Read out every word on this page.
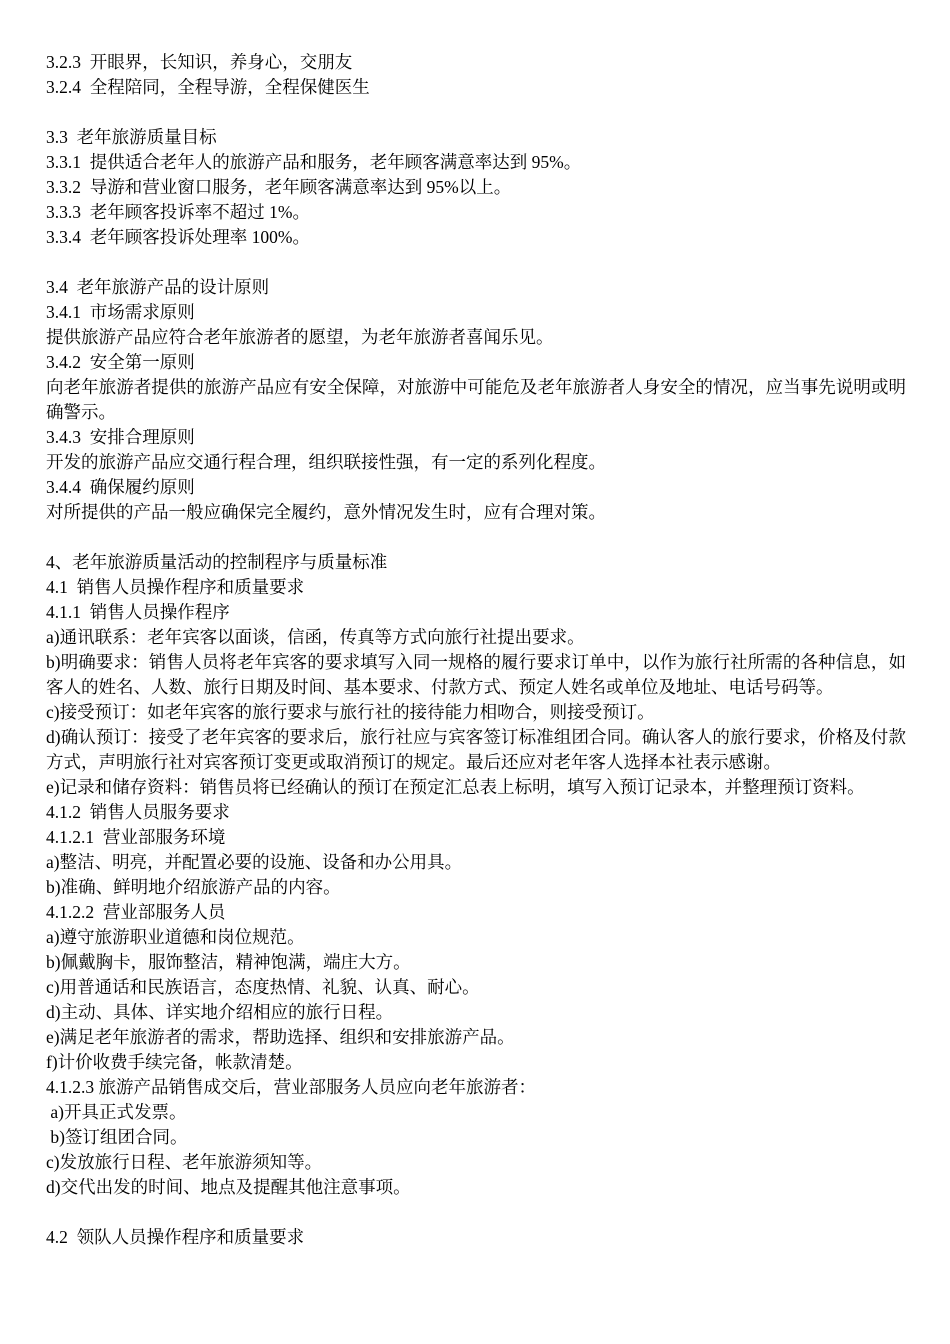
3.2.3  开眼界，长知识，养身心，交朋友
3.2.4  全程陪同，全程导游，全程保健医生
3.3  老年旅游质量目标
3.3.1  提供适合老年人的旅游产品和服务，老年顾客满意率达到 95%。
3.3.2  导游和营业窗口服务，老年顾客满意率达到 95%以上。
3.3.3  老年顾客投诉率不超过 1%。
3.3.4  老年顾客投诉处理率 100%。
3.4  老年旅游产品的设计原则
3.4.1  市场需求原则
提供旅游产品应符合老年旅游者的愿望，为老年旅游者喜闻乐见。
3.4.2  安全第一原则
向老年旅游者提供的旅游产品应有安全保障，对旅游中可能危及老年旅游者人身安全的情况，应当事先说明或明确警示。
3.4.3  安排合理原则
开发的旅游产品应交通行程合理，组织联接性强，有一定的系列化程度。
3.4.4  确保履约原则
对所提供的产品一般应确保完全履约，意外情况发生时，应有合理对策。
4、老年旅游质量活动的控制程序与质量标准
4.1  销售人员操作程序和质量要求
4.1.1  销售人员操作程序
a)通讯联系：老年宾客以面谈，信函，传真等方式向旅行社提出要求。
b)明确要求：销售人员将老年宾客的要求填写入同一规格的履行要求订单中，以作为旅行社所需的各种信息，如客人的姓名、人数、旅行日期及时间、基本要求、付款方式、预定人姓名或单位及地址、电话号码等。
c)接受预订：如老年宾客的旅行要求与旅行社的接待能力相吻合，则接受预订。
d)确认预订：接受了老年宾客的要求后，旅行社应与宾客签订标准组团合同。确认客人的旅行要求，价格及付款方式，声明旅行社对宾客预订变更或取消预订的规定。最后还应对老年客人选择本社表示感谢。
e)记录和储存资料：销售员将已经确认的预订在预定汇总表上标明，填写入预订记录本，并整理预订资料。
4.1.2  销售人员服务要求
4.1.2.1  营业部服务环境
a)整洁、明亮，并配置必要的设施、设备和办公用具。
b)准确、鲜明地介绍旅游产品的内容。
4.1.2.2  营业部服务人员
a)遵守旅游职业道德和岗位规范。
b)佩戴胸卡，服饰整洁，精神饱满，端庄大方。
c)用普通话和民族语言，态度热情、礼貌、认真、耐心。
d)主动、具体、详实地介绍相应的旅行日程。
e)满足老年旅游者的需求，帮助选择、组织和安排旅游产品。
f)计价收费手续完备，帐款清楚。
4.1.2.3 旅游产品销售成交后，营业部服务人员应向老年旅游者：
a)开具正式发票。
b)签订组团合同。
c)发放旅行日程、老年旅游须知等。
d)交代出发的时间、地点及提醒其他注意事项。
4.2  领队人员操作程序和质量要求
